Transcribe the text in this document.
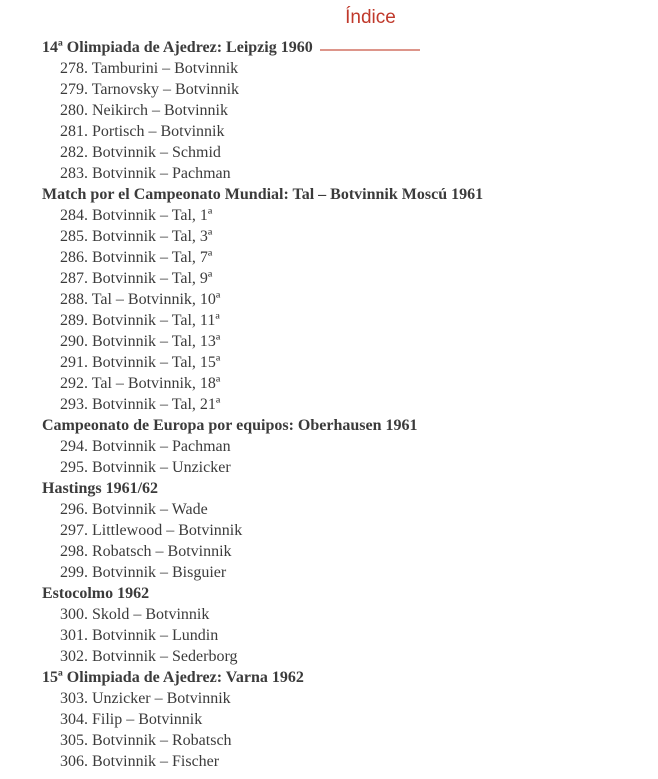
Índice
14ª Olimpiada de Ajedrez: Leipzig 1960
278. Tamburini – Botvinnik
279. Tarnovsky – Botvinnik
280. Neikirch – Botvinnik
281. Portisch – Botvinnik
282. Botvinnik – Schmid
283. Botvinnik – Pachman
Match por el Campeonato Mundial: Tal – Botvinnik Moscú 1961
284. Botvinnik – Tal, 1ª
285. Botvinnik – Tal, 3ª
286. Botvinnik – Tal, 7ª
287. Botvinnik – Tal, 9ª
288. Tal – Botvinnik, 10ª
289. Botvinnik – Tal, 11ª
290. Botvinnik – Tal, 13ª
291. Botvinnik – Tal, 15ª
292. Tal – Botvinnik, 18ª
293. Botvinnik – Tal, 21ª
Campeonato de Europa por equipos: Oberhausen 1961
294. Botvinnik – Pachman
295. Botvinnik – Unzicker
Hastings 1961/62
296. Botvinnik – Wade
297. Littlewood – Botvinnik
298. Robatsch – Botvinnik
299. Botvinnik – Bisguier
Estocolmo 1962
300. Skold – Botvinnik
301. Botvinnik – Lundin
302. Botvinnik – Sederborg
15ª Olimpiada de Ajedrez: Varna 1962
303. Unzicker – Botvinnik
304. Filip – Botvinnik
305. Botvinnik – Robatsch
306. Botvinnik – Fischer
